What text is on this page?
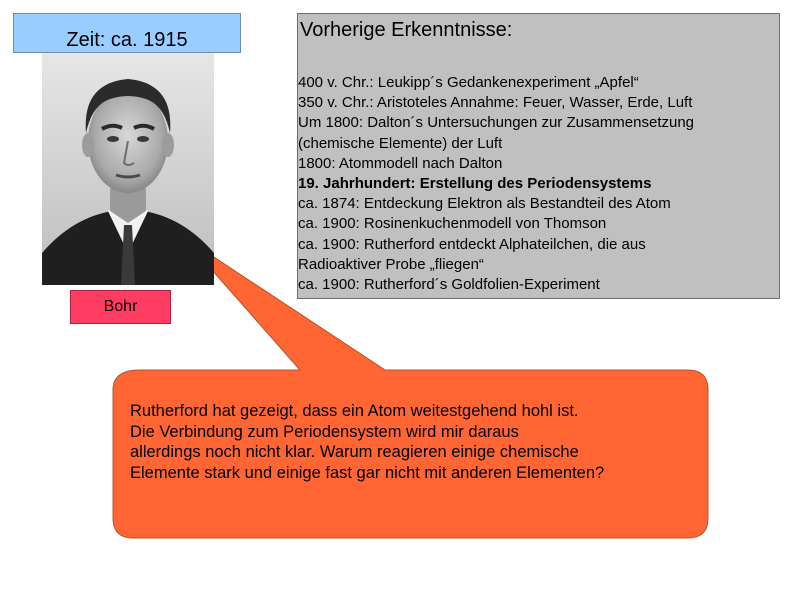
Zeit: ca. 1915
Bohr
Vorherige Erkenntnisse:
400 v. Chr.: Leukipp´s Gedankenexperiment „Apfel“
350 v. Chr.: Aristoteles Annahme: Feuer, Wasser, Erde, Luft
Um 1800: Dalton´s Untersuchungen zur Zusammensetzung
(chemische Elemente) der Luft
1800: Atommodell nach Dalton
19. Jahrhundert: Erstellung des Periodensystems
ca. 1874: Entdeckung Elektron als Bestandteil des Atom
ca. 1900: Rosinenkuchenmodell von Thomson
ca. 1900: Rutherford entdeckt Alphateilchen, die aus
Radioaktiver Probe „fliegen“
ca. 1900: Rutherford´s Goldfolien-Experiment
Rutherford hat gezeigt, dass ein Atom weitestgehend hohl ist.
Die Verbindung zum Periodensystem wird mir daraus
allerdings noch nicht klar. Warum reagieren einige chemische
Elemente stark und einige fast gar nicht mit anderen Elementen?
